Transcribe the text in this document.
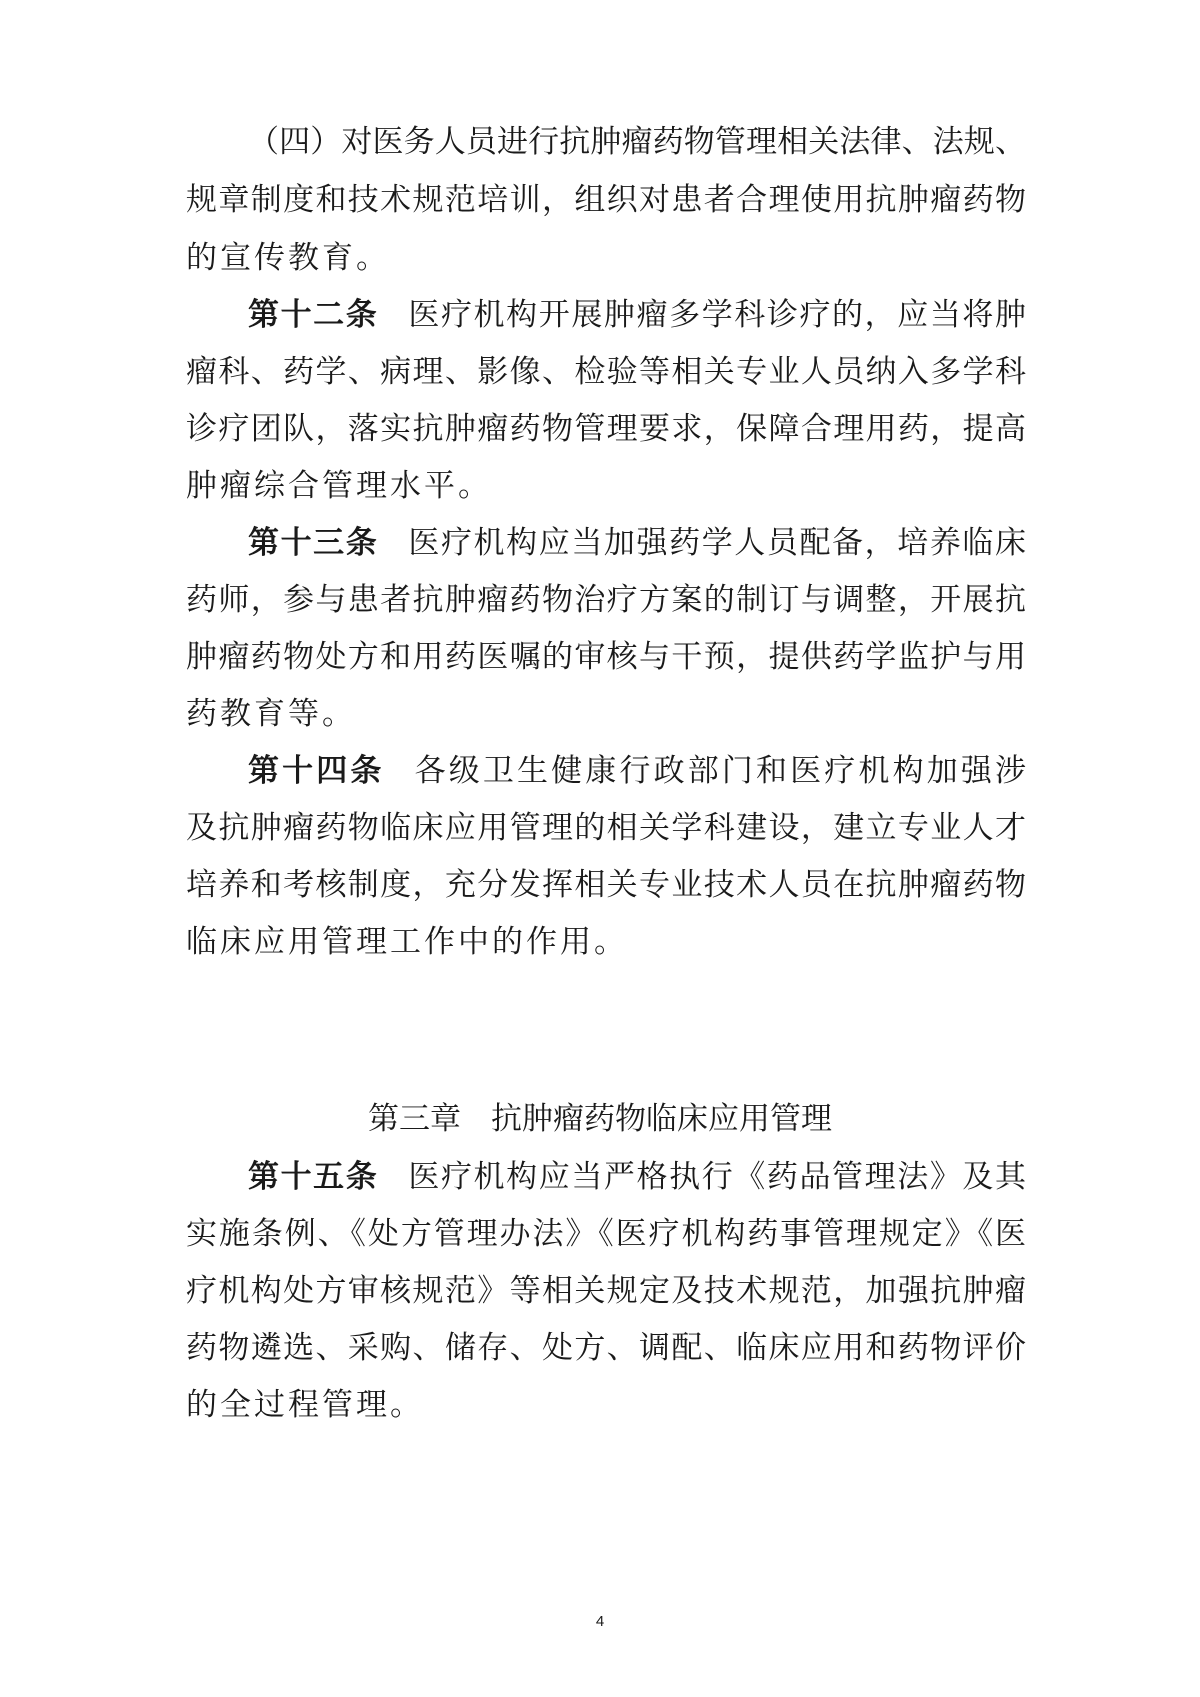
（四）对医务人员进行抗肿瘤药物管理相关法律、法规、
规章制度和技术规范培训，组织对患者合理使用抗肿瘤药物
的宣传教育。
第十二条 医疗机构开展肿瘤多学科诊疗的，应当将肿
瘤科、药学、病理、影像、检验等相关专业人员纳入多学科
诊疗团队，落实抗肿瘤药物管理要求，保障合理用药，提高
肿瘤综合管理水平。
第十三条 医疗机构应当加强药学人员配备，培养临床
药师，参与患者抗肿瘤药物治疗方案的制订与调整，开展抗
肿瘤药物处方和用药医嘱的审核与干预，提供药学监护与用
药教育等。
第十四条 各级卫生健康行政部门和医疗机构加强涉
及抗肿瘤药物临床应用管理的相关学科建设，建立专业人才
培养和考核制度，充分发挥相关专业技术人员在抗肿瘤药物
临床应用管理工作中的作用。
第三章 抗肿瘤药物临床应用管理
第十五条 医疗机构应当严格执行《药品管理法》及其
实施条例、《处方管理办法》《医疗机构药事管理规定》《医
疗机构处方审核规范》等相关规定及技术规范，加强抗肿瘤
药物遴选、采购、储存、处方、调配、临床应用和药物评价
的全过程管理。
4
